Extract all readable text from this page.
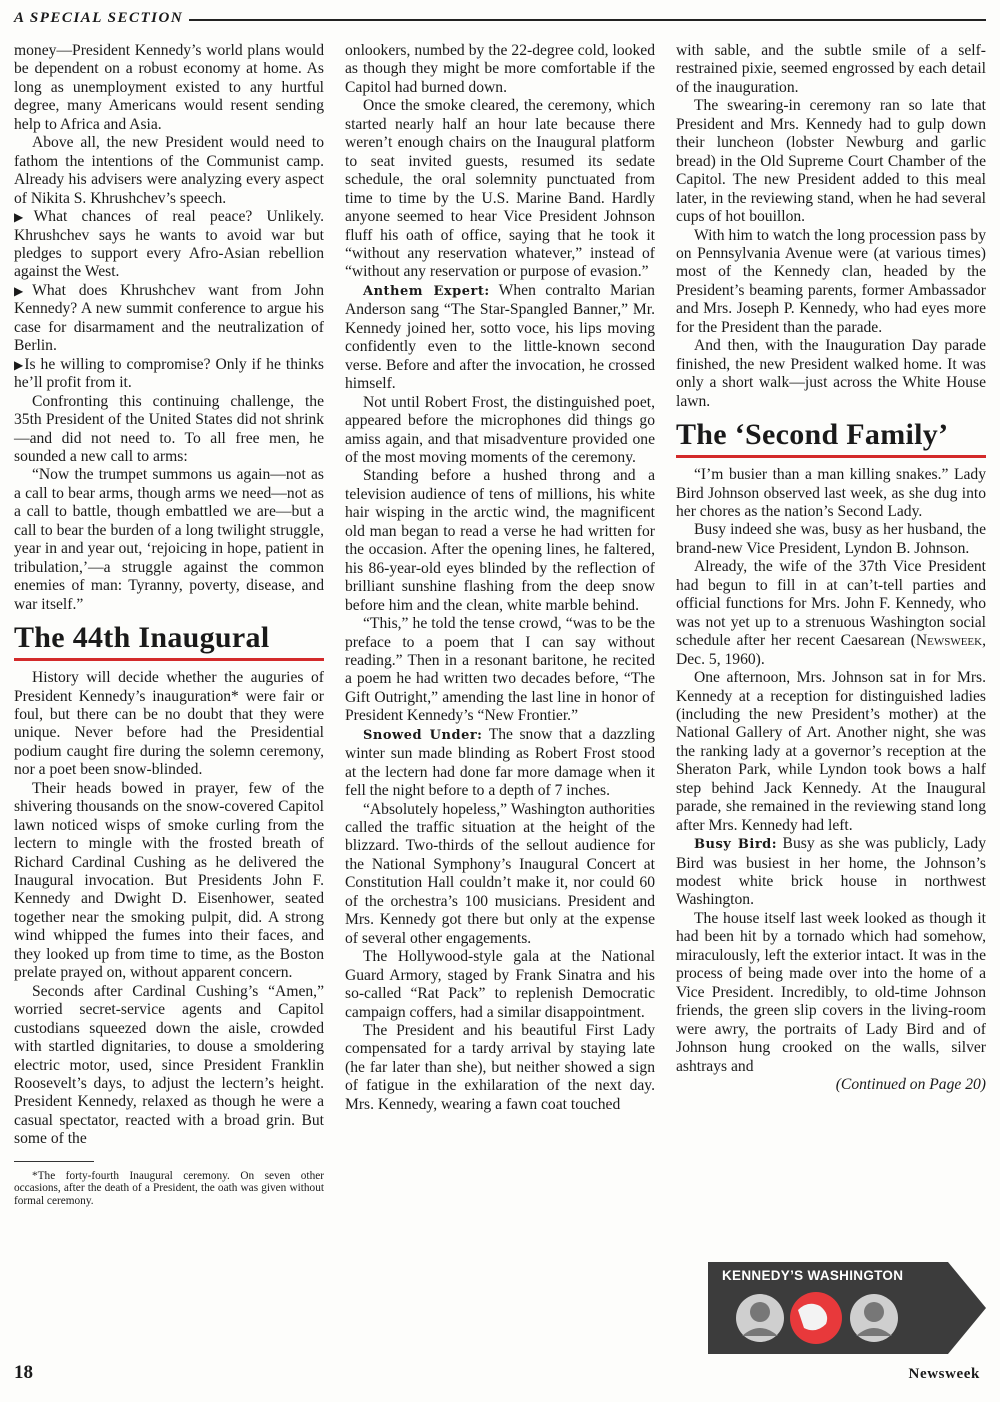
A SPECIAL SECTION

money—President Kennedy’s world plans would be dependent on a robust economy at home. As long as unemployment existed to any hurtful degree, many Americans would resent sending help to Africa and Asia.

Above all, the new President would need to fathom the intentions of the Communist camp. Already his advisers were analyzing every aspect of Nikita S. Khrushchev’s speech.

▶What chances of real peace? Unlikely. Khrushchev says he wants to avoid war but pledges to support every Afro-Asian rebellion against the West.

▶What does Khrushchev want from John Kennedy? A new summit conference to argue his case for disarmament and the neutralization of Berlin.

▶Is he willing to compromise? Only if he thinks he’ll profit from it.

Confronting this continuing challenge, the 35th President of the United States did not shrink—and did not need to. To all free men, he sounded a new call to arms:

“Now the trumpet summons us again—not as a call to bear arms, though arms we need—not as a call to battle, though embattled we are—but a call to bear the burden of a long twilight struggle, year in and year out, ‘rejoicing in hope, patient in tribulation,’—a struggle against the common enemies of man: Tyranny, poverty, disease, and war itself.”

The 44th Inaugural

History will decide whether the auguries of President Kennedy’s inauguration* were fair or foul, but there can be no doubt that they were unique. Never before had the Presidential podium caught fire during the solemn ceremony, nor a poet been snow-blinded.

Their heads bowed in prayer, few of the shivering thousands on the snow-covered Capitol lawn noticed wisps of smoke curling from the lectern to mingle with the frosted breath of Richard Cardinal Cushing as he delivered the Inaugural invocation. But Presidents John F. Kennedy and Dwight D. Eisenhower, seated together near the smoking pulpit, did. A strong wind whipped the fumes into their faces, and they looked up from time to time, as the Boston prelate prayed on, without apparent concern.

Seconds after Cardinal Cushing’s “Amen,” worried secret-service agents and Capitol custodians squeezed down the aisle, crowded with startled dignitaries, to douse a smoldering electric motor, used, since President Franklin Roosevelt’s days, to adjust the lectern’s height. President Kennedy, relaxed as though he were a casual spectator, reacted with a broad grin. But some of the

*The forty-fourth Inaugural ceremony. On seven other occasions, after the death of a President, the oath was given without formal ceremony.

onlookers, numbed by the 22-degree cold, looked as though they might be more comfortable if the Capitol had burned down.

Once the smoke cleared, the ceremony, which started nearly half an hour late because there weren’t enough chairs on the Inaugural platform to seat invited guests, resumed its sedate schedule, the oral solemnity punctuated from time to time by the U.S. Marine Band. Hardly anyone seemed to hear Vice President Johnson fluff his oath of office, saying that he took it “without any reservation whatever,” instead of “without any reservation or purpose of evasion.”

Anthem Expert: When contralto Marian Anderson sang “The Star-Spangled Banner,” Mr. Kennedy joined her, sotto voce, his lips moving confidently even to the little-known second verse. Before and after the invocation, he crossed himself.

Not until Robert Frost, the distinguished poet, appeared before the microphones did things go amiss again, and that misadventure provided one of the most moving moments of the ceremony.

Standing before a hushed throng and a television audience of tens of millions, his white hair wisping in the arctic wind, the magnificent old man began to read a verse he had written for the occasion. After the opening lines, he faltered, his 86-year-old eyes blinded by the reflection of brilliant sunshine flashing from the deep snow before him and the clean, white marble behind.

“This,” he told the tense crowd, “was to be the preface to a poem that I can say without reading.” Then in a resonant baritone, he recited a poem he had written two decades before, “The Gift Outright,” amending the last line in honor of President Kennedy’s “New Frontier.”

Snowed Under: The snow that a dazzling winter sun made blinding as Robert Frost stood at the lectern had done far more damage when it fell the night before to a depth of 7 inches.

“Absolutely hopeless,” Washington authorities called the traffic situation at the height of the blizzard. Two-thirds of the sellout audience for the National Symphony’s Inaugural Concert at Constitution Hall couldn’t make it, nor could 60 of the orchestra’s 100 musicians. President and Mrs. Kennedy got there but only at the expense of several other engagements.

The Hollywood-style gala at the National Guard Armory, staged by Frank Sinatra and his so-called “Rat Pack” to replenish Democratic campaign coffers, had a similar disappointment.

The President and his beautiful First Lady compensated for a tardy arrival by staying late (he far later than she), but neither showed a sign of fatigue in the exhilaration of the next day. Mrs. Kennedy, wearing a fawn coat touched

with sable, and the subtle smile of a self-restrained pixie, seemed engrossed by each detail of the inauguration.

The swearing-in ceremony ran so late that President and Mrs. Kennedy had to gulp down their luncheon (lobster Newburg and garlic bread) in the Old Supreme Court Chamber of the Capitol. The new President added to this meal later, in the reviewing stand, when he had several cups of hot bouillon.

With him to watch the long procession pass by on Pennsylvania Avenue were (at various times) most of the Kennedy clan, headed by the President’s beaming parents, former Ambassador and Mrs. Joseph P. Kennedy, who had eyes more for the President than the parade.

And then, with the Inauguration Day parade finished, the new President walked home. It was only a short walk—just across the White House lawn.

The ‘Second Family’

“I’m busier than a man killing snakes.” Lady Bird Johnson observed last week, as she dug into her chores as the nation’s Second Lady.

Busy indeed she was, busy as her husband, the brand-new Vice President, Lyndon B. Johnson.

Already, the wife of the 37th Vice President had begun to fill in at can’t-tell parties and official functions for Mrs. John F. Kennedy, who was not yet up to a strenuous Washington social schedule after her recent Caesarean (Newsweek, Dec. 5, 1960).

One afternoon, Mrs. Johnson sat in for Mrs. Kennedy at a reception for distinguished ladies (including the new President’s mother) at the National Gallery of Art. Another night, she was the ranking lady at a governor’s reception at the Sheraton Park, while Lyndon took bows a half step behind Jack Kennedy. At the Inaugural parade, she remained in the reviewing stand long after Mrs. Kennedy had left.

Busy Bird: Busy as she was publicly, Lady Bird was busiest in her home, the Johnson’s modest white brick house in northwest Washington.

The house itself last week looked as though it had been hit by a tornado which had somehow, miraculously, left the exterior intact. It was in the process of being made over into the home of a Vice President. Incredibly, to old-time Johnson friends, the green slip covers in the living-room were awry, the portraits of Lady Bird and of Johnson hung crooked on the walls, silver ashtrays and

(Continued on Page 20)

KENNEDY’S WASHINGTON
18	Newsweek
